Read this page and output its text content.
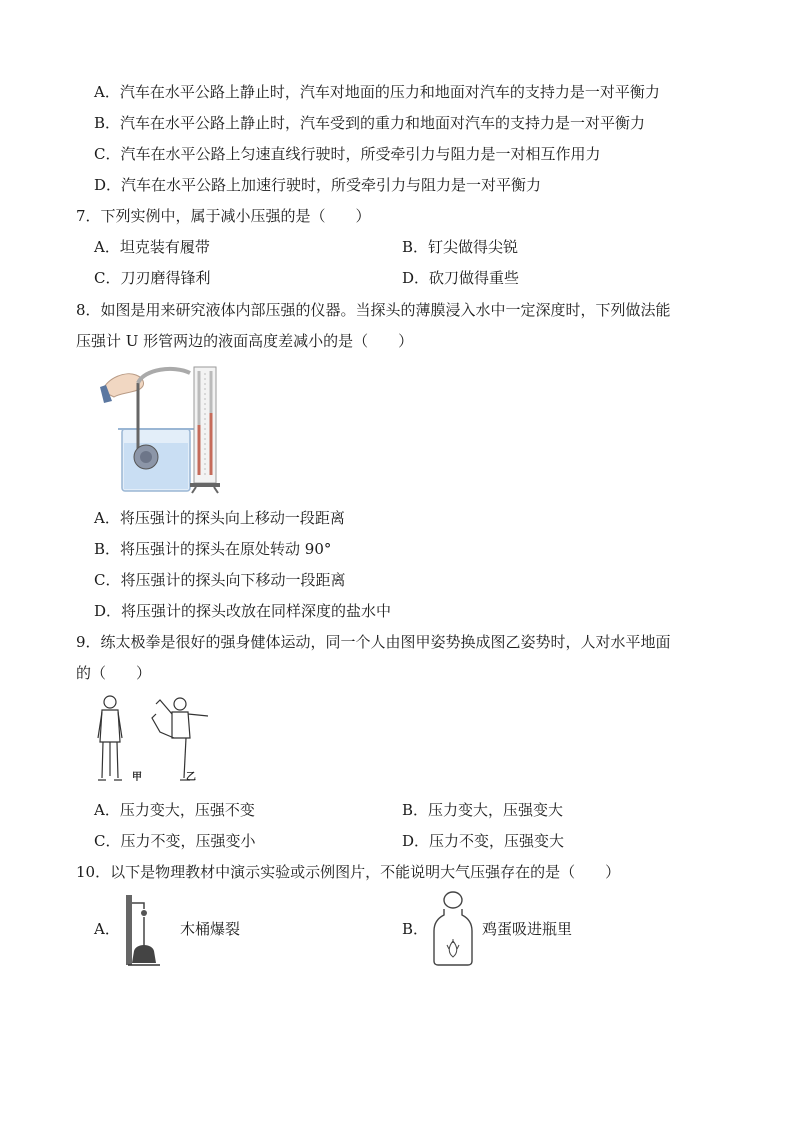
A．汽车在水平公路上静止时，汽车对地面的压力和地面对汽车的支持力是一对平衡力
B．汽车在水平公路上静止时，汽车受到的重力和地面对汽车的支持力是一对平衡力
C．汽车在水平公路上匀速直线行驶时，所受牵引力与阻力是一对相互作用力
D．汽车在水平公路上加速行驶时，所受牵引力与阻力是一对平衡力
7．下列实例中，属于减小压强的是（　　）
A．坦克装有履带	B．钉尖做得尖锐
C．刀刃磨得锋利	D．砍刀做得重些
8．如图是用来研究液体内部压强的仪器。当探头的薄膜浸入水中一定深度时，下列做法能
压强计 U 形管两边的液面高度差减小的是（　　）
A．将压强计的探头向上移动一段距离
B．将压强计的探头在原处转动 90°
C．将压强计的探头向下移动一段距离
D．将压强计的探头改放在同样深度的盐水中
9．练太极拳是很好的强身健体运动，同一个人由图甲姿势换成图乙姿势时，人对水平地面
的（　　）
甲	乙
A．压力变大，压强不变	B．压力变大，压强变大
C．压力不变，压强变小	D．压力不变，压强变大
10．以下是物理教材中演示实验或示例图片，不能说明大气压强存在的是（　　）
A．	木桶爆裂	B．	鸡蛋吸进瓶里
